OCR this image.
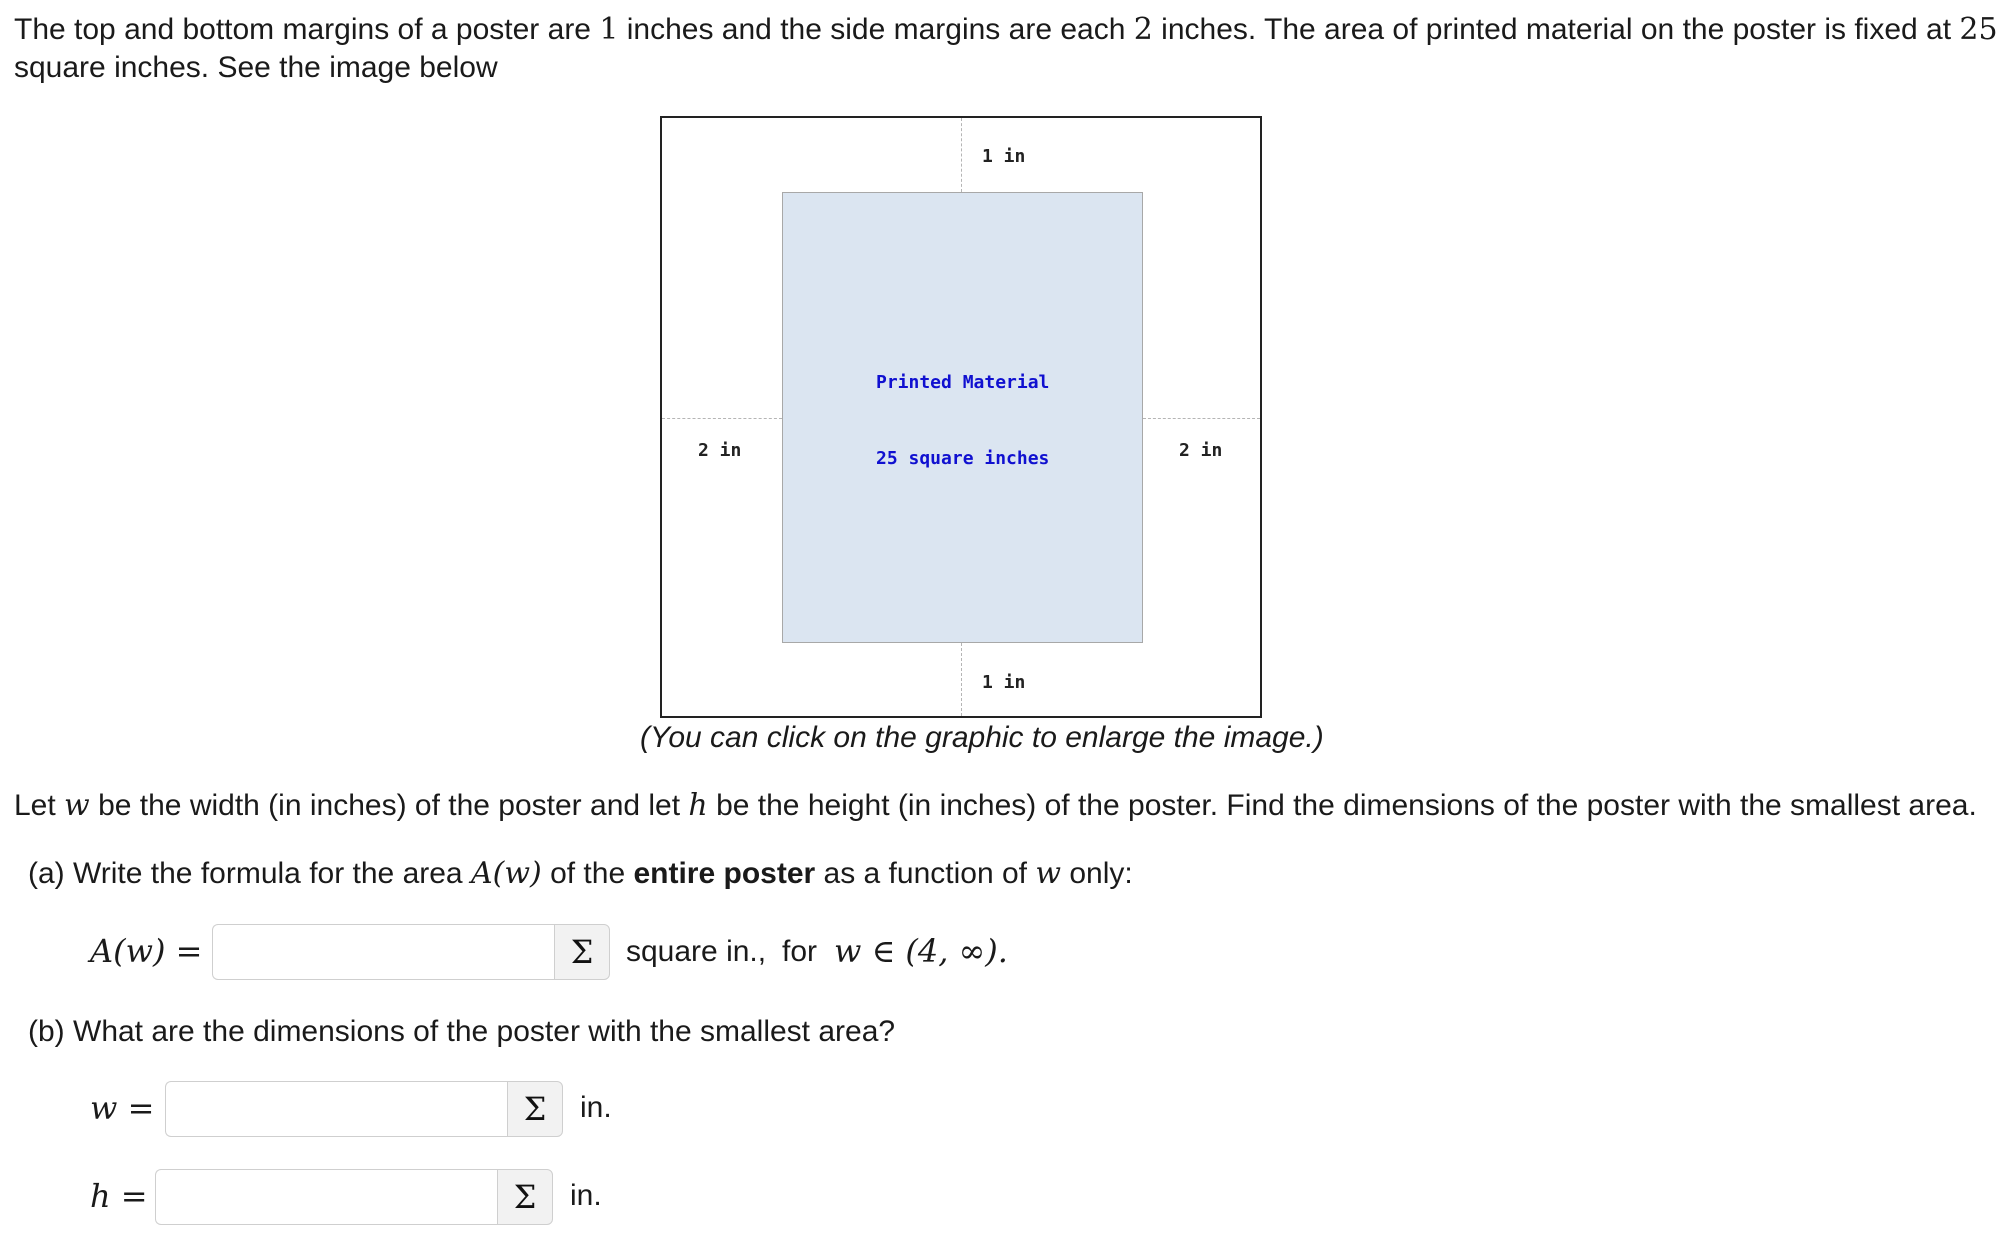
The top and bottom margins of a poster are 1 inches and the side margins are each 2 inches. The area of printed material on the poster is fixed at 25
square inches. See the image below
1 in
1 in
2 in	2 in
Printed Material
25 square inches
(You can click on the graphic to enlarge the image.)
Let w be the width (in inches) of the poster and let h be the height (in inches) of the poster. Find the dimensions of the poster with the smallest area.
(a) Write the formula for the area A(w) of the entire poster as a function of w only:
A(w) =	Σ square in., for w ∈ (4, ∞).
(b) What are the dimensions of the poster with the smallest area?
w =	Σ in.
h =	Σ in.
